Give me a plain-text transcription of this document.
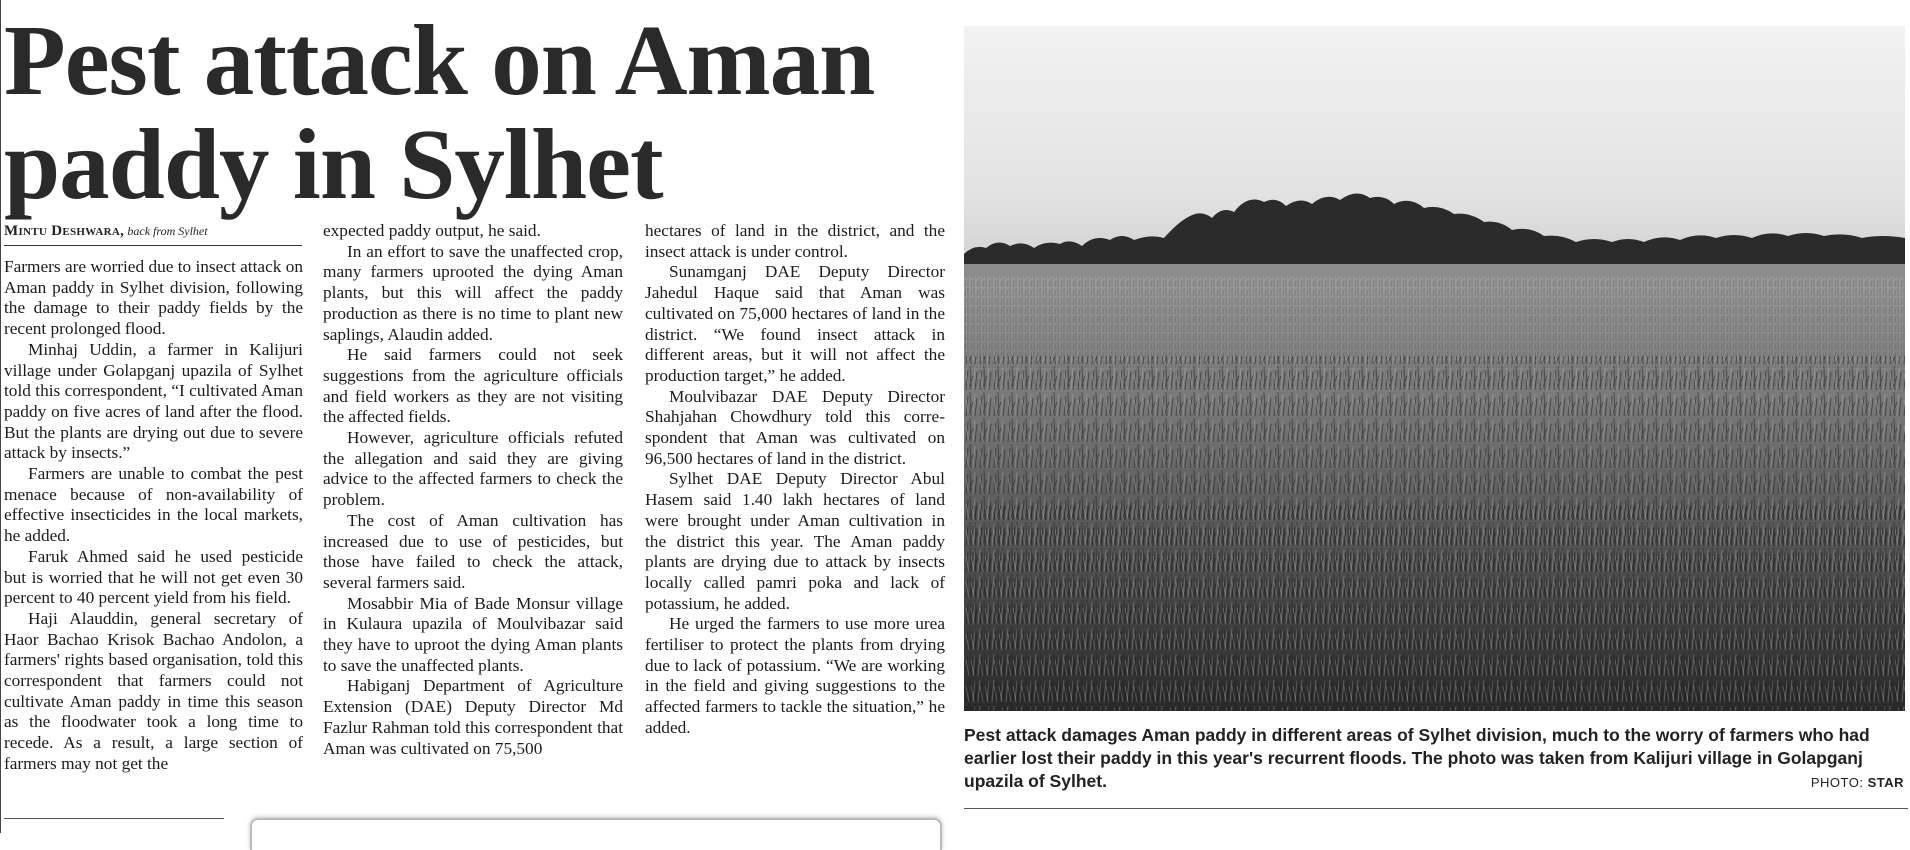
Pest attack on Aman paddy in Sylhet
Mintu Deshwara, back from Sylhet

Farmers are worried due to insect attack on Aman paddy in Sylhet division, following the damage to their paddy fields by the recent prolonged flood.

Minhaj Uddin, a farmer in Kalijuri village under Golapganj upazila of Sylhet told this correspondent, “I cultivated Aman paddy on five acres of land after the flood. But the plants are drying out due to severe attack by insects.”

Farmers are unable to combat the pest menace because of non-availability of effective insecticides in the local markets, he added.

Faruk Ahmed said he used pesticide but is worried that he will not get even 30 percent to 40 percent yield from his field.

Haji Alauddin, general secretary of Haor Bachao Krisok Bachao Andolon, a farmers' rights based organisation, told this correspondent that farmers could not cultivate Aman paddy in time this season as the floodwater took a long time to recede. As a result, a large section of farmers may not get the

expected paddy output, he said.

In an effort to save the unaffected crop, many farmers uprooted the dying Aman plants, but this will affect the paddy production as there is no time to plant new saplings, Alaudin added.

He said farmers could not seek suggestions from the agriculture officials and field workers as they are not visiting the affected fields.

However, agriculture officials refuted the allegation and said they are giving advice to the affected farmers to check the problem.

The cost of Aman cultivation has increased due to use of pesticides, but those have failed to check the attack, several farmers said.

Mosabbir Mia of Bade Monsur village in Kulaura upazila of Moulvibazar said they have to uproot the dying Aman plants to save the unaffected plants.

Habiganj Department of Agriculture Extension (DAE) Deputy Director Md Fazlur Rahman told this correspondent that Aman was cultivated on 75,500

hectares of land in the district, and the insect attack is under control.

Sunamganj DAE Deputy Director Jahedul Haque said that Aman was cultivated on 75,000 hectares of land in the district. “We found insect attack in different areas, but it will not affect the production target,” he added.

Moulvibazar DAE Deputy Director Shahjahan Chowdhury told this correspondent that Aman was cultivated on 96,500 hectares of land in the district.

Sylhet DAE Deputy Director Abul Hasem said 1.40 lakh hectares of land were brought under Aman cultivation in the district this year. The Aman paddy plants are drying due to attack by insects locally called pamri poka and lack of potassium, he added.

He urged the farmers to use more urea fertiliser to protect the plants from drying due to lack of potassium. “We are working in the field and giving suggestions to the affected farmers to tackle the situation,” he added.	Pest attack damages Aman paddy in different areas of Sylhet division, much to the worry of farmers who had earlier lost their paddy in this year's recurrent floods. The photo was taken from Kalijuri village in Golapganj upazila of Sylhet.	PHOTO: STAR
